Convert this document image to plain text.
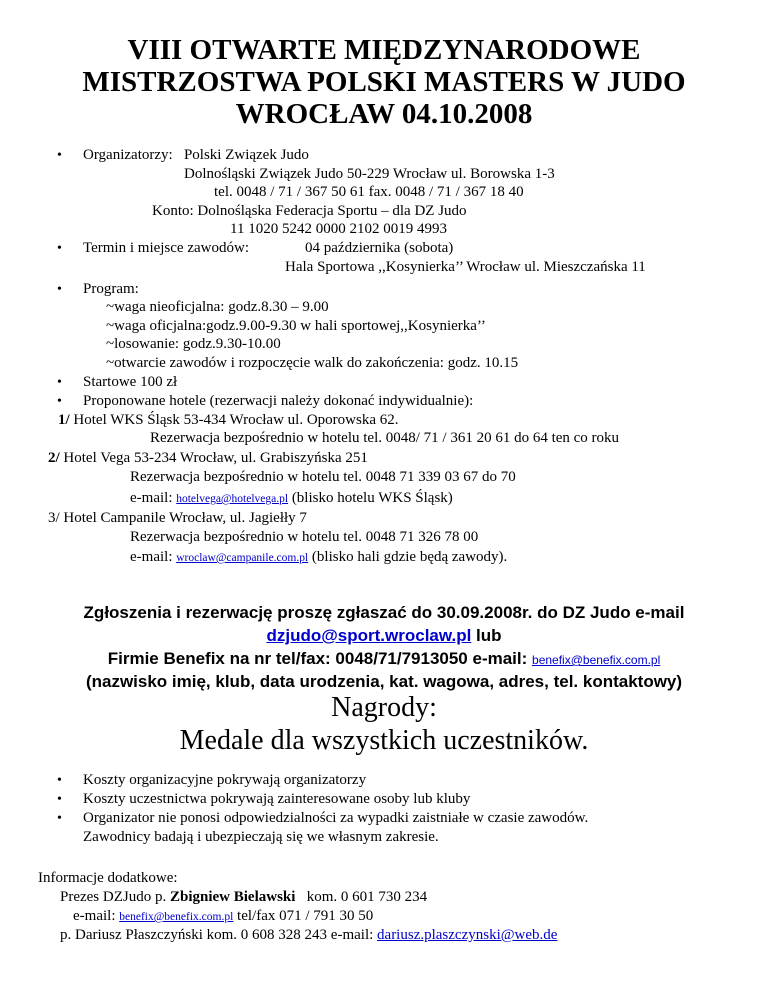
VIII OTWARTE MIĘDZYNARODOWE
MISTRZOSTWA POLSKI MASTERS W JUDO
WROCŁAW 04.10.2008
• Organizatorzy: Polski Związek Judo
Dolnośląski Związek Judo 50-229 Wrocław ul. Borowska 1-3
tel. 0048 / 71 / 367 50 61 fax. 0048 / 71 / 367 18 40
Konto: Dolnośląska Federacja Sportu – dla DZ Judo
11 1020 5242 0000 2102 0019 4993
• Termin i miejsce zawodów:	04 października (sobota)
Hala Sportowa ,,Kosynierka’’ Wrocław ul. Mieszczańska 11
• Program:
~waga nieoficjalna: godz.8.30 – 9.00
~waga oficjalna:godz.9.00-9.30 w hali sportowej,,Kosynierka’’
~losowanie: godz.9.30-10.00
~otwarcie zawodów i rozpoczęcie walk do zakończenia: godz. 10.15
• Startowe 100 zł
• Proponowane hotele (rezerwacji należy dokonać indywidualnie):
1/ Hotel WKS Śląsk 53-434 Wrocław ul. Oporowska 62.
Rezerwacja bezpośrednio w hotelu tel. 0048/ 71 / 361 20 61 do 64 ten co roku
2/ Hotel Vega 53-234 Wrocław, ul. Grabiszyńska 251
Rezerwacja bezpośrednio w hotelu tel. 0048 71 339 03 67 do 70
e-mail: hotelvega@hotelvega.pl (blisko hotelu WKS Śląsk)
3/ Hotel Campanile Wrocław, ul. Jagiełły 7
Rezerwacja bezpośrednio w hotelu tel. 0048 71 326 78 00
e-mail: wroclaw@campanile.com.pl (blisko hali gdzie będą zawody).
Zgłoszenia i rezerwację proszę zgłaszać do 30.09.2008r. do DZ Judo e-mail
dzjudo@sport.wroclaw.pl lub
Firmie Benefix na nr tel/fax: 0048/71/7913050 e-mail: benefix@benefix.com.pl
(nazwisko imię, klub, data urodzenia, kat. wagowa, adres, tel. kontaktowy)
Nagrody:
Medale dla wszystkich uczestników.
• Koszty organizacyjne pokrywają organizatorzy
• Koszty uczestnictwa pokrywają zainteresowane osoby lub kluby
• Organizator nie ponosi odpowiedzialności za wypadki zaistniałe w czasie zawodów.
Zawodnicy badają i ubezpieczają się we własnym zakresie.
Informacje dodatkowe:
Prezes DZJudo p. Zbigniew Bielawski kom. 0 601 730 234
e-mail: benefix@benefix.com.pl tel/fax 071 / 791 30 50
p. Dariusz Płaszczyński kom. 0 608 328 243 e-mail: dariusz.plaszczynski@web.de
